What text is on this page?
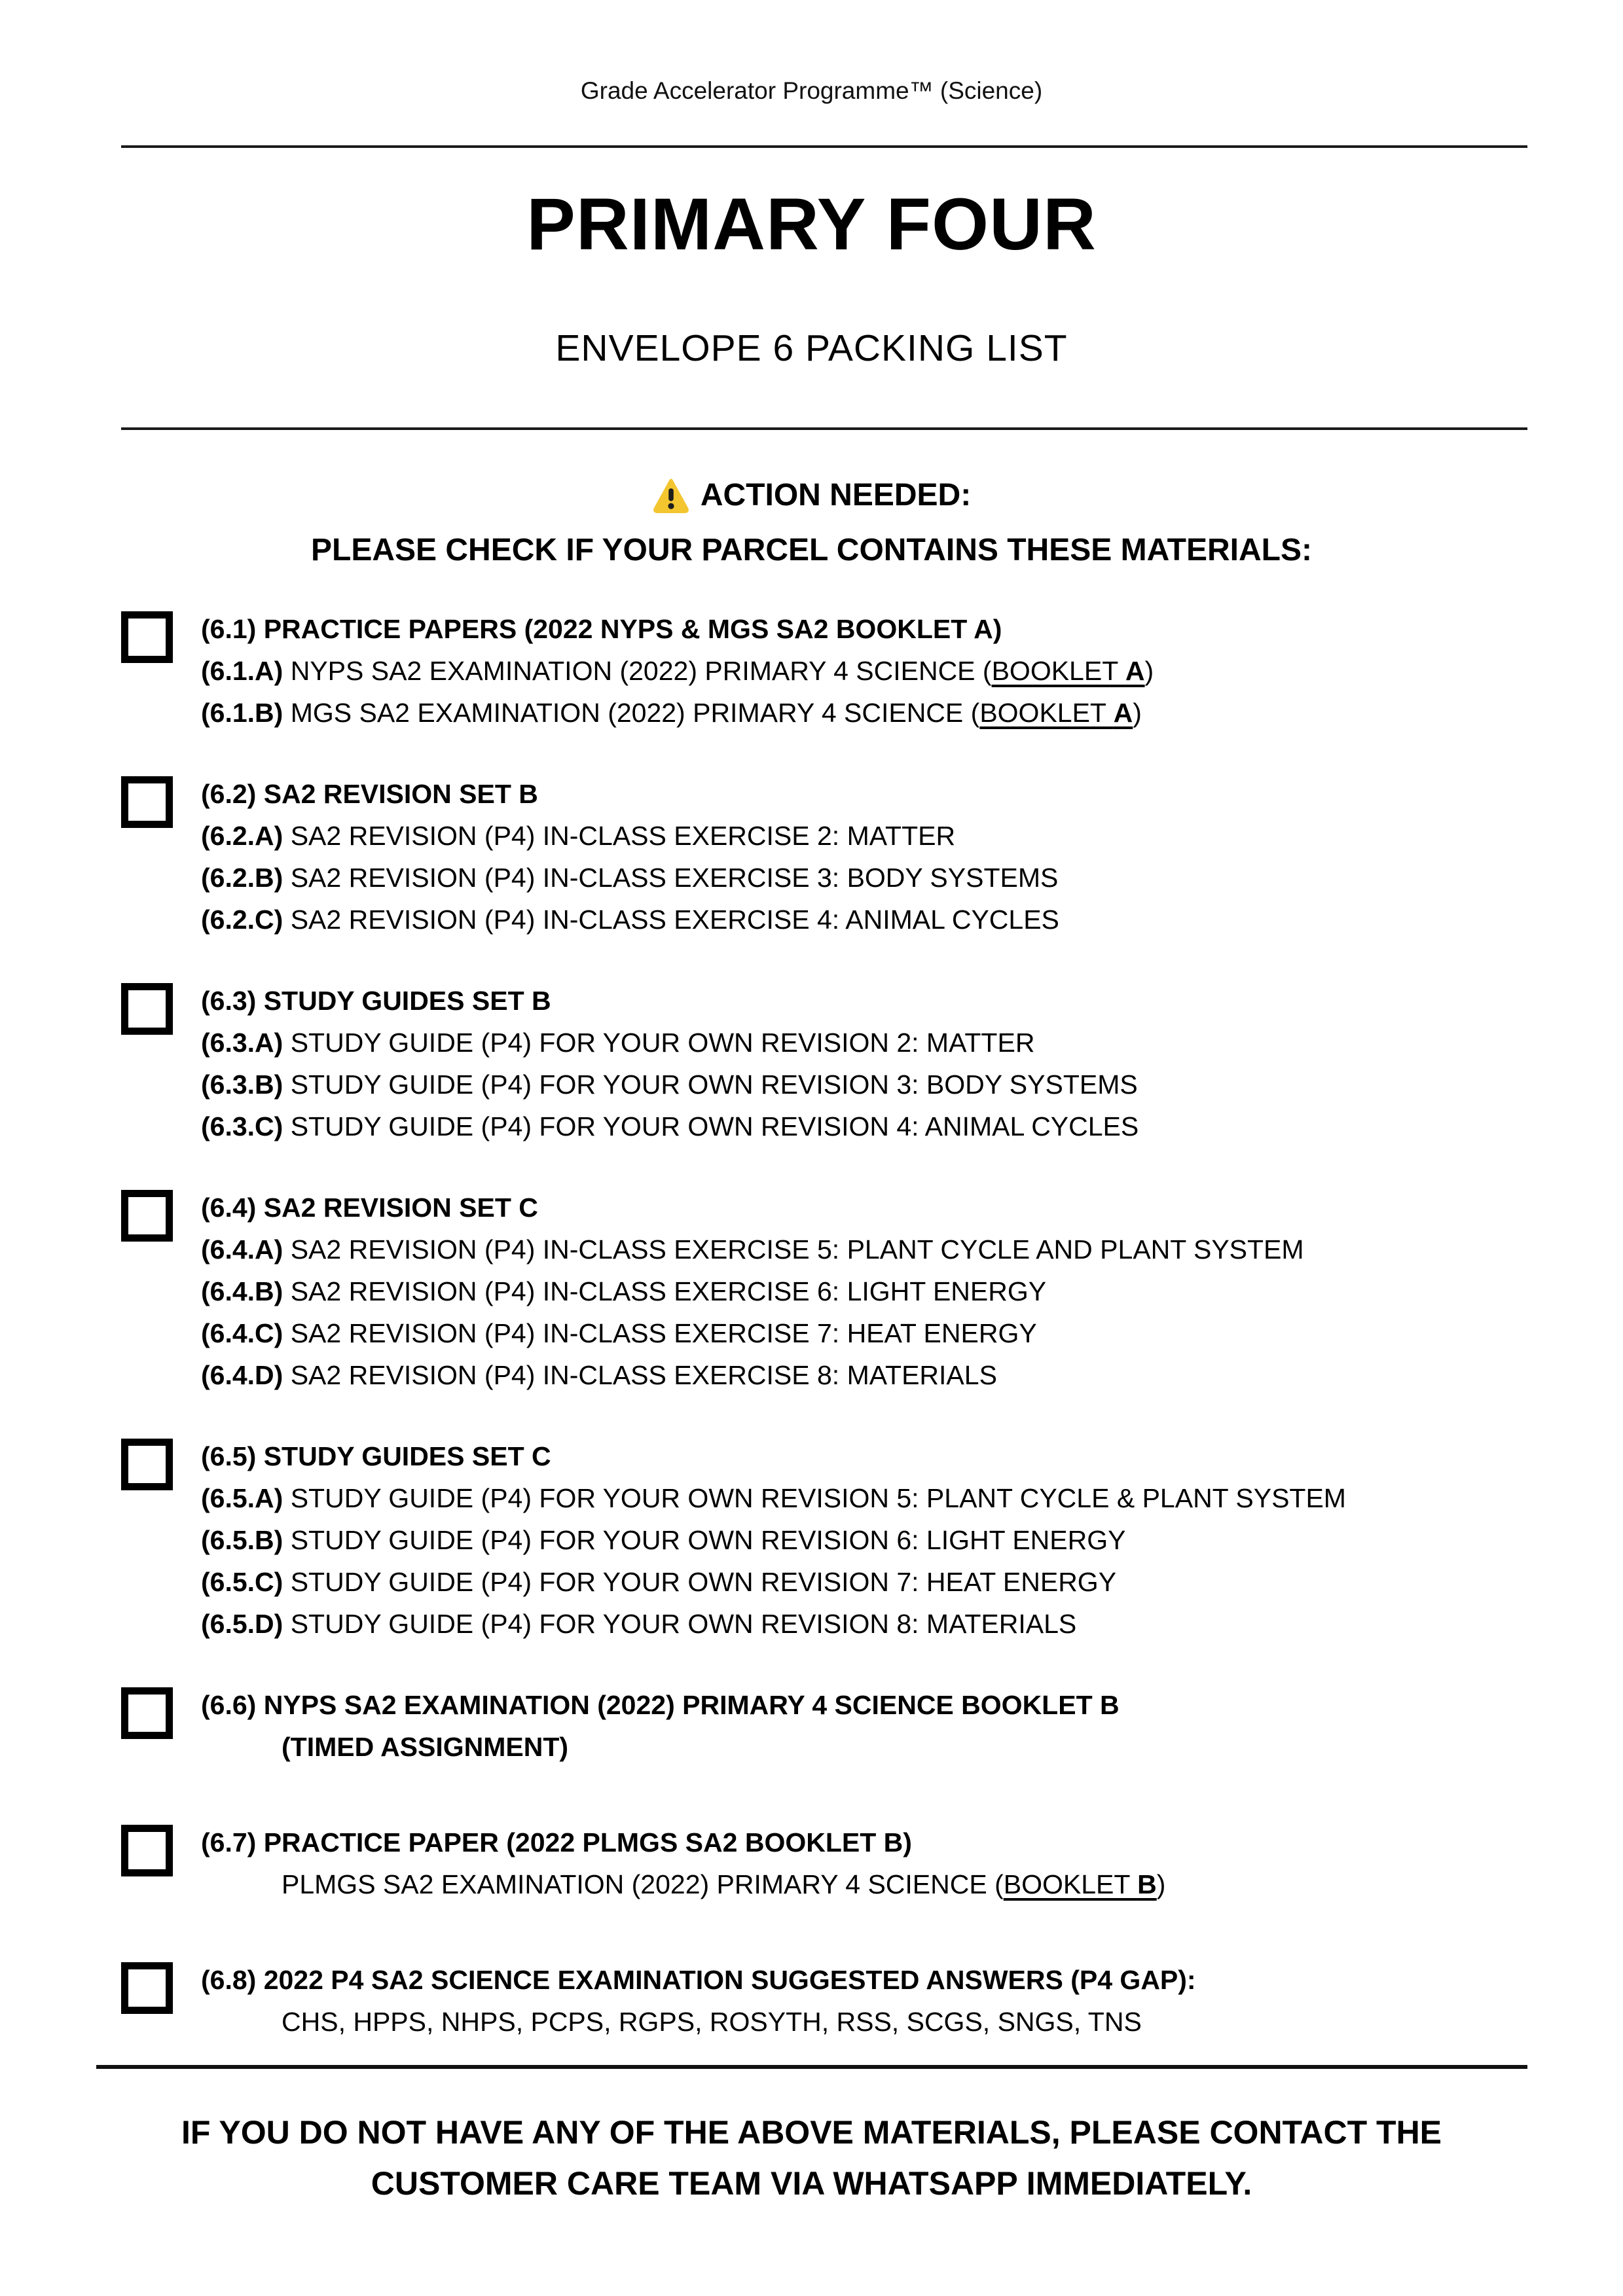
Grade Accelerator Programme™ (Science)
PRIMARY FOUR
ENVELOPE 6 PACKING LIST
ACTION NEEDED:
PLEASE CHECK IF YOUR PARCEL CONTAINS THESE MATERIALS:
(6.1) PRACTICE PAPERS (2022 NYPS & MGS SA2 BOOKLET A)
(6.1.A) NYPS SA2 EXAMINATION (2022) PRIMARY 4 SCIENCE (BOOKLET A)
(6.1.B) MGS SA2 EXAMINATION (2022) PRIMARY 4 SCIENCE (BOOKLET A)
(6.2) SA2 REVISION SET B
(6.2.A) SA2 REVISION (P4) IN-CLASS EXERCISE 2: MATTER
(6.2.B) SA2 REVISION (P4) IN-CLASS EXERCISE 3: BODY SYSTEMS
(6.2.C) SA2 REVISION (P4) IN-CLASS EXERCISE 4: ANIMAL CYCLES
(6.3) STUDY GUIDES SET B
(6.3.A) STUDY GUIDE (P4) FOR YOUR OWN REVISION 2: MATTER
(6.3.B) STUDY GUIDE (P4) FOR YOUR OWN REVISION 3: BODY SYSTEMS
(6.3.C) STUDY GUIDE (P4) FOR YOUR OWN REVISION 4: ANIMAL CYCLES
(6.4) SA2 REVISION SET C
(6.4.A) SA2 REVISION (P4) IN-CLASS EXERCISE 5: PLANT CYCLE AND PLANT SYSTEM
(6.4.B) SA2 REVISION (P4) IN-CLASS EXERCISE 6: LIGHT ENERGY
(6.4.C) SA2 REVISION (P4) IN-CLASS EXERCISE 7: HEAT ENERGY
(6.4.D) SA2 REVISION (P4) IN-CLASS EXERCISE 8: MATERIALS
(6.5) STUDY GUIDES SET C
(6.5.A) STUDY GUIDE (P4) FOR YOUR OWN REVISION 5: PLANT CYCLE & PLANT SYSTEM
(6.5.B) STUDY GUIDE (P4) FOR YOUR OWN REVISION 6: LIGHT ENERGY
(6.5.C) STUDY GUIDE (P4) FOR YOUR OWN REVISION 7: HEAT ENERGY
(6.5.D) STUDY GUIDE (P4) FOR YOUR OWN REVISION 8: MATERIALS
(6.6) NYPS SA2 EXAMINATION (2022) PRIMARY 4 SCIENCE BOOKLET B
(TIMED ASSIGNMENT)
(6.7) PRACTICE PAPER (2022 PLMGS SA2 BOOKLET B)
PLMGS SA2 EXAMINATION (2022) PRIMARY 4 SCIENCE (BOOKLET B)
(6.8) 2022 P4 SA2 SCIENCE EXAMINATION SUGGESTED ANSWERS (P4 GAP):
CHS, HPPS, NHPS, PCPS, RGPS, ROSYTH, RSS, SCGS, SNGS, TNS
IF YOU DO NOT HAVE ANY OF THE ABOVE MATERIALS, PLEASE CONTACT THE
CUSTOMER CARE TEAM VIA WHATSAPP IMMEDIATELY.
